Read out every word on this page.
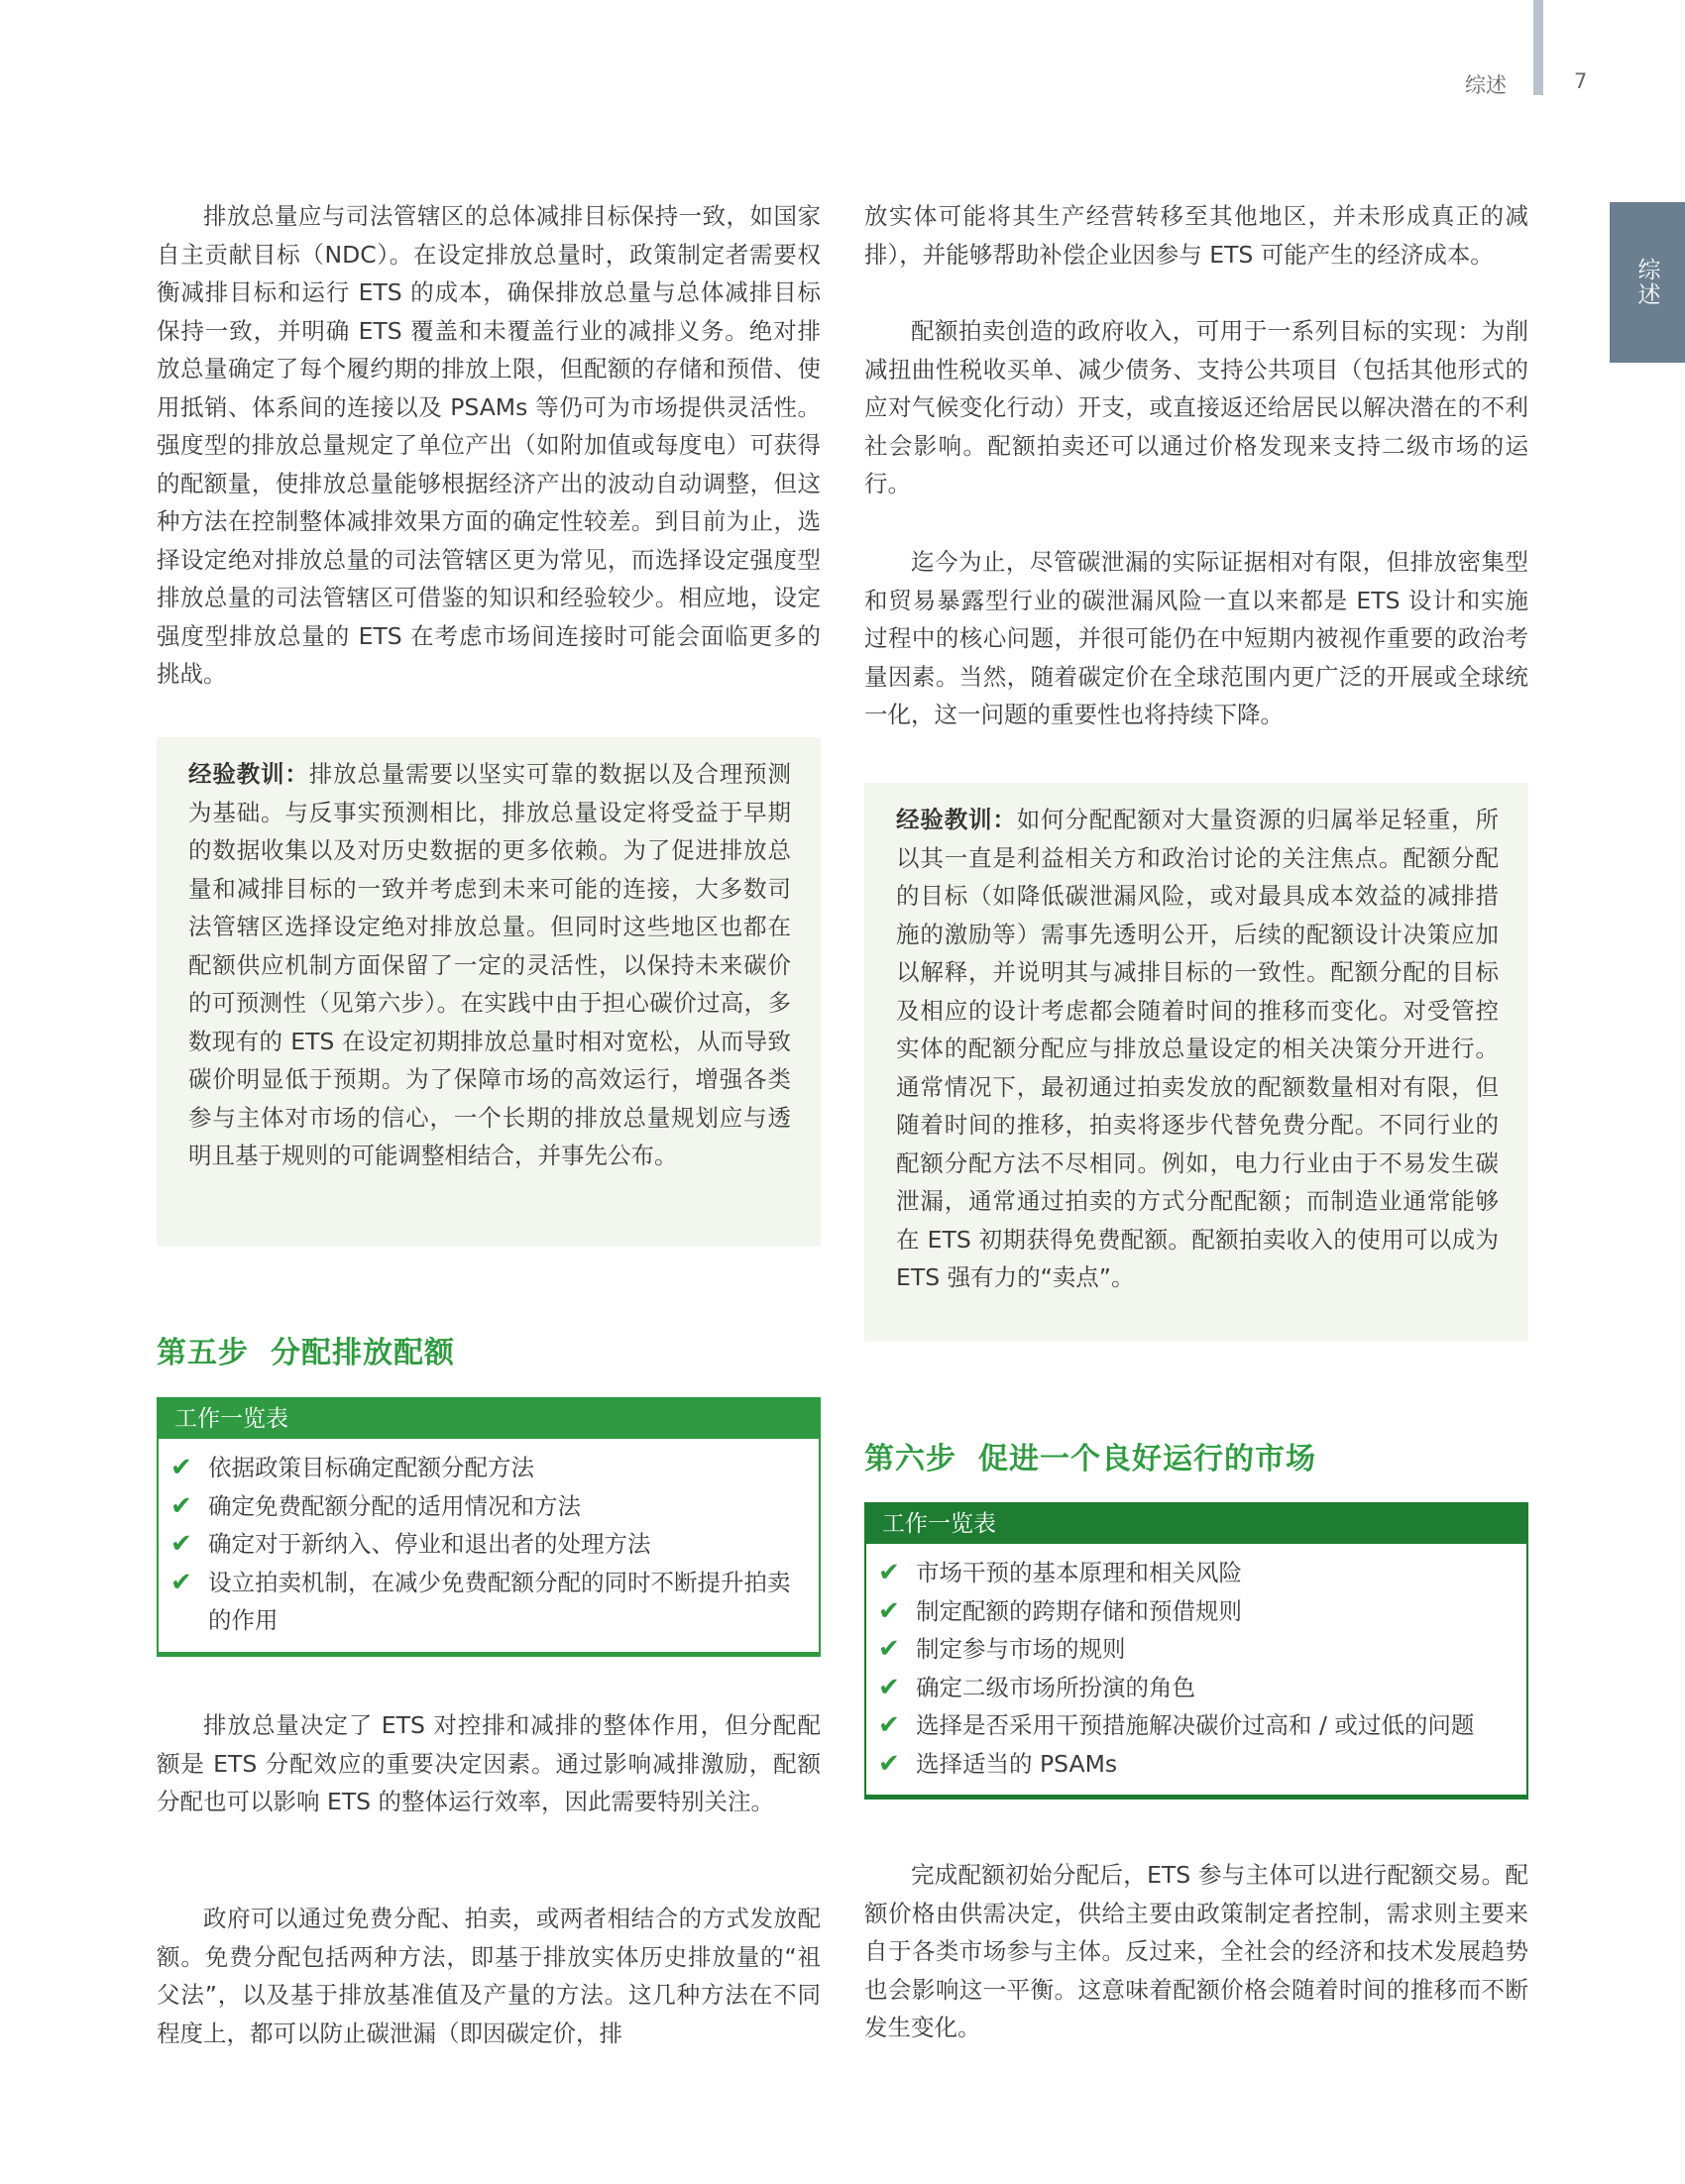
综述	7
综述

排放总量应与司法管辖区的总体减排目标保持一致，如国家自主贡献目标（NDC）。在设定排放总量时，政策制定者需要权衡减排目标和运行 ETS 的成本，确保排放总量与总体减排目标保持一致，并明确 ETS 覆盖和未覆盖行业的减排义务。绝对排放总量确定了每个履约期的排放上限，但配额的存储和预借、使用抵销、体系间的连接以及 PSAMs 等仍可为市场提供灵活性。强度型的排放总量规定了单位产出（如附加值或每度电）可获得的配额量，使排放总量能够根据经济产出的波动自动调整，但这种方法在控制整体减排效果方面的确定性较差。到目前为止，选择设定绝对排放总量的司法管辖区更为常见，而选择设定强度型排放总量的司法管辖区可借鉴的知识和经验较少。相应地，设定强度型排放总量的 ETS 在考虑市场间连接时可能会面临更多的挑战。

经验教训：排放总量需要以坚实可靠的数据以及合理预测为基础。与反事实预测相比，排放总量设定将受益于早期的数据收集以及对历史数据的更多依赖。为了促进排放总量和减排目标的一致并考虑到未来可能的连接，大多数司法管辖区选择设定绝对排放总量。但同时这些地区也都在配额供应机制方面保留了一定的灵活性，以保持未来碳价的可预测性（见第六步）。在实践中由于担心碳价过高，多数现有的 ETS 在设定初期排放总量时相对宽松，从而导致碳价明显低于预期。为了保障市场的高效运行，增强各类参与主体对市场的信心，一个长期的排放总量规划应与透明且基于规则的可能调整相结合，并事先公布。

第五步 分配排放配额
工作一览表
✔ 依据政策目标确定配额分配方法
✔ 确定免费配额分配的适用情况和方法
✔ 确定对于新纳入、停业和退出者的处理方法
✔ 设立拍卖机制，在减少免费配额分配的同时不断提升拍卖的作用

排放总量决定了 ETS 对控排和减排的整体作用，但分配配额是 ETS 分配效应的重要决定因素。通过影响减排激励，配额分配也可以影响 ETS 的整体运行效率，因此需要特别关注。

政府可以通过免费分配、拍卖，或两者相结合的方式发放配额。免费分配包括两种方法，即基于排放实体历史排放量的“祖父法”，以及基于排放基准值及产量的方法。这几种方法在不同程度上，都可以防止碳泄漏（即因碳定价，排

放实体可能将其生产经营转移至其他地区，并未形成真正的减排），并能够帮助补偿企业因参与 ETS 可能产生的经济成本。

配额拍卖创造的政府收入，可用于一系列目标的实现：为削减扭曲性税收买单、减少债务、支持公共项目（包括其他形式的应对气候变化行动）开支，或直接返还给居民以解决潜在的不利社会影响。配额拍卖还可以通过价格发现来支持二级市场的运行。

迄今为止，尽管碳泄漏的实际证据相对有限，但排放密集型和贸易暴露型行业的碳泄漏风险一直以来都是 ETS 设计和实施过程中的核心问题，并很可能仍在中短期内被视作重要的政治考量因素。当然，随着碳定价在全球范围内更广泛的开展或全球统一化，这一问题的重要性也将持续下降。

经验教训：如何分配配额对大量资源的归属举足轻重，所以其一直是利益相关方和政治讨论的关注焦点。配额分配的目标（如降低碳泄漏风险，或对最具成本效益的减排措施的激励等）需事先透明公开，后续的配额设计决策应加以解释，并说明其与减排目标的一致性。配额分配的目标及相应的设计考虑都会随着时间的推移而变化。对受管控实体的配额分配应与排放总量设定的相关决策分开进行。通常情况下，最初通过拍卖发放的配额数量相对有限，但随着时间的推移，拍卖将逐步代替免费分配。不同行业的配额分配方法不尽相同。例如，电力行业由于不易发生碳泄漏，通常通过拍卖的方式分配配额；而制造业通常能够在 ETS 初期获得免费配额。配额拍卖收入的使用可以成为 ETS 强有力的“卖点”。

第六步 促进一个良好运行的市场
工作一览表
✔ 市场干预的基本原理和相关风险
✔ 制定配额的跨期存储和预借规则
✔ 制定参与市场的规则
✔ 确定二级市场所扮演的角色
✔ 选择是否采用干预措施解决碳价过高和 / 或过低的问题
✔ 选择适当的 PSAMs

完成配额初始分配后，ETS 参与主体可以进行配额交易。配额价格由供需决定，供给主要由政策制定者控制，需求则主要来自于各类市场参与主体。反过来，全社会的经济和技术发展趋势也会影响这一平衡。这意味着配额价格会随着时间的推移而不断发生变化。
